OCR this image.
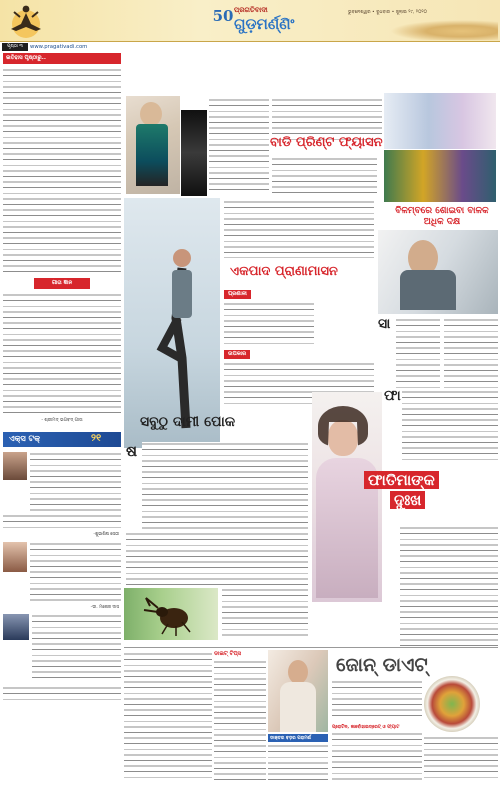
50 ପ୍ରଗତିବାଦୀ
ଗୁଡ଼ମର୍ଣ୍ଣିଂ
ଭୁବନେଶ୍ୱର • ବୁଧବାର • ଜୁଲାଇ ୨୯, ୨୦୨୦
ପୃଷ୍ଠା ୩	www.pragativadi.com
ଇତିହାସ ପୃଷ୍ଠାରୁ..
ଗୀତା ଜ୍ଞାନ
- ଶ୍ରୀମଦ୍ ଭଗବଦ୍ ଗୀତା
ଏକ୍ସ ଟକ୍	୨୧
-ଶୁଭାଶିଷ ସେଠୀ
-ଡା. ମନୋଜ ଦାସ
ବାଡି ପ୍ରିଣ୍ଟ ଫ୍ୟାସନ
ଏକପାଦ ପ୍ରାଣାମାସନ
ପ୍ରଣାଳୀ
ଉପକାର
ବିଳମ୍ବରେ ଶୋଇବା ବାଳକ ଅଧିକ ଦକ୍ଷ
ସା
ସବୁଠୁ ଦାମୀ ପୋକ
ଷ
ଫା
ଫାତିମାଙ୍କ
ଦୁଃଖ
ଡାଇଟ୍ ଟିପ୍ସ
ଡାକ୍ତର ବଡ଼ର ପରାମର୍ଶ
ଜୋନ୍ ଡାଏଟ୍
ପ୍ରୋଟିନ, କାର୍ବୋହାଇଡ୍ରେଟ୍ ଓ ଫ୍ୟାଟ
